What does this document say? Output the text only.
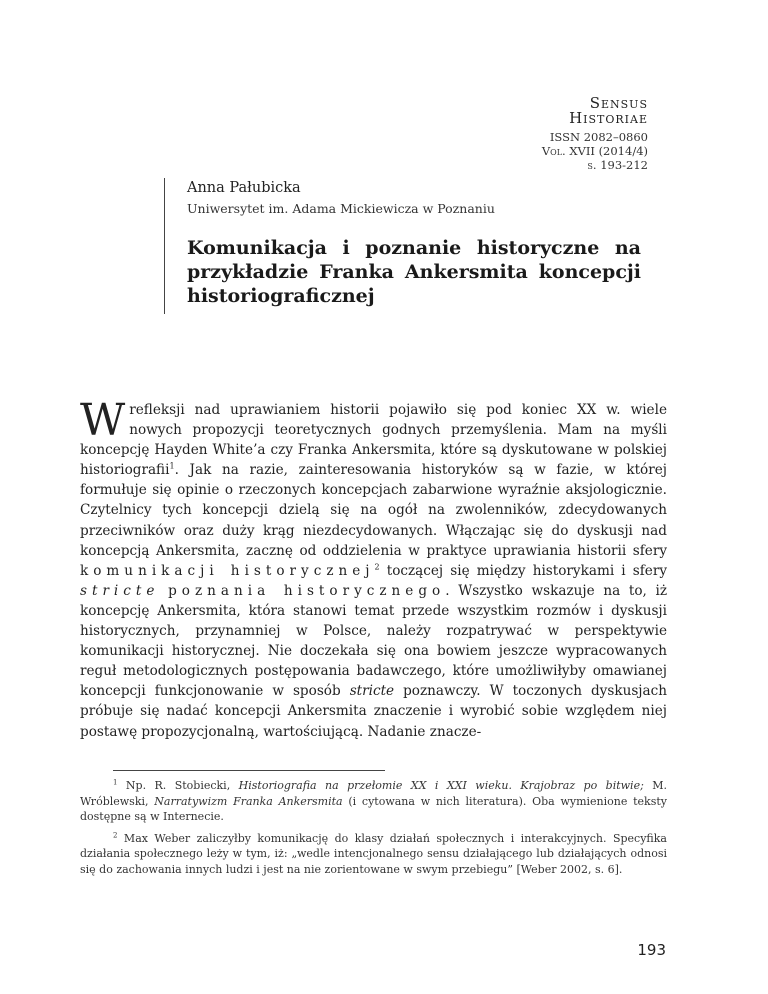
Sensus
Historiae
ISSN 2082–0860
Vol. XVII (2014/4)
s. 193-212
Anna Pałubicka
Uniwersytet im. Adama Mickiewicza w Poznaniu
Komunikacja i poznanie historyczne na przykładzie Franka Ankersmita koncepcji historiograficznej

Wrefleksji nad uprawianiem historii pojawiło się pod koniec XX w. wiele nowych propozycji teoretycznych godnych przemyślenia. Mam na myśli koncepcję Hayden White’a czy Franka Ankersmita, które są dyskutowane w polskiej historiografii$^1$. Jak na razie, zainteresowania historyków są w fazie, w której formułuje się opinie o rzeczonych koncepcjach zabarwione wyraźnie aksjologicznie. Czytelnicy tych koncepcji dzielą się na ogół na zwolenników, zdecydowanych przeciwników oraz duży krąg niezdecydowanych. Włączając się do dyskusji nad koncepcją Ankersmita, zacznę od oddzielenia w praktyce uprawiania historii sfery komunikacji historycznej$^2$ toczącej się między historykami i sfery stricte poznania historycznego. Wszystko wskazuje na to, iż koncepcję Ankersmita, która stanowi temat przede wszystkim rozmów i dyskusji historycznych, przynamniej w Polsce, należy rozpatrywać w perspektywie komunikacji historycznej. Nie doczekała się ona bowiem jeszcze wypracowanych reguł metodologicznych postępowania badawczego, które umożliwiłyby omawianej koncepcji funkcjonowanie w sposób stricte poznawczy. W toczonych dyskusjach próbuje się nadać koncepcji Ankersmita znaczenie i wyrobić sobie względem niej postawę propozycjonalną, wartościującą. Nadanie znacze-

$^1$ Np. R. Stobiecki, Historiografia na przełomie XX i XXI wieku. Krajobraz po bitwie; M. Wróblewski, Narratywizm Franka Ankersmita (i cytowana w nich literatura). Oba wymienione teksty dostępne są w Internecie.

$^2$ Max Weber zaliczyłby komunikację do klasy działań społecznych i interakcyjnych. Specyfika działania społecznego leży w tym, iż: „wedle intencjonalnego sensu działającego lub działających odnosi się do zachowania innych ludzi i jest na nie zorientowane w swym przebiegu” [Weber 2002, s. 6].

193
